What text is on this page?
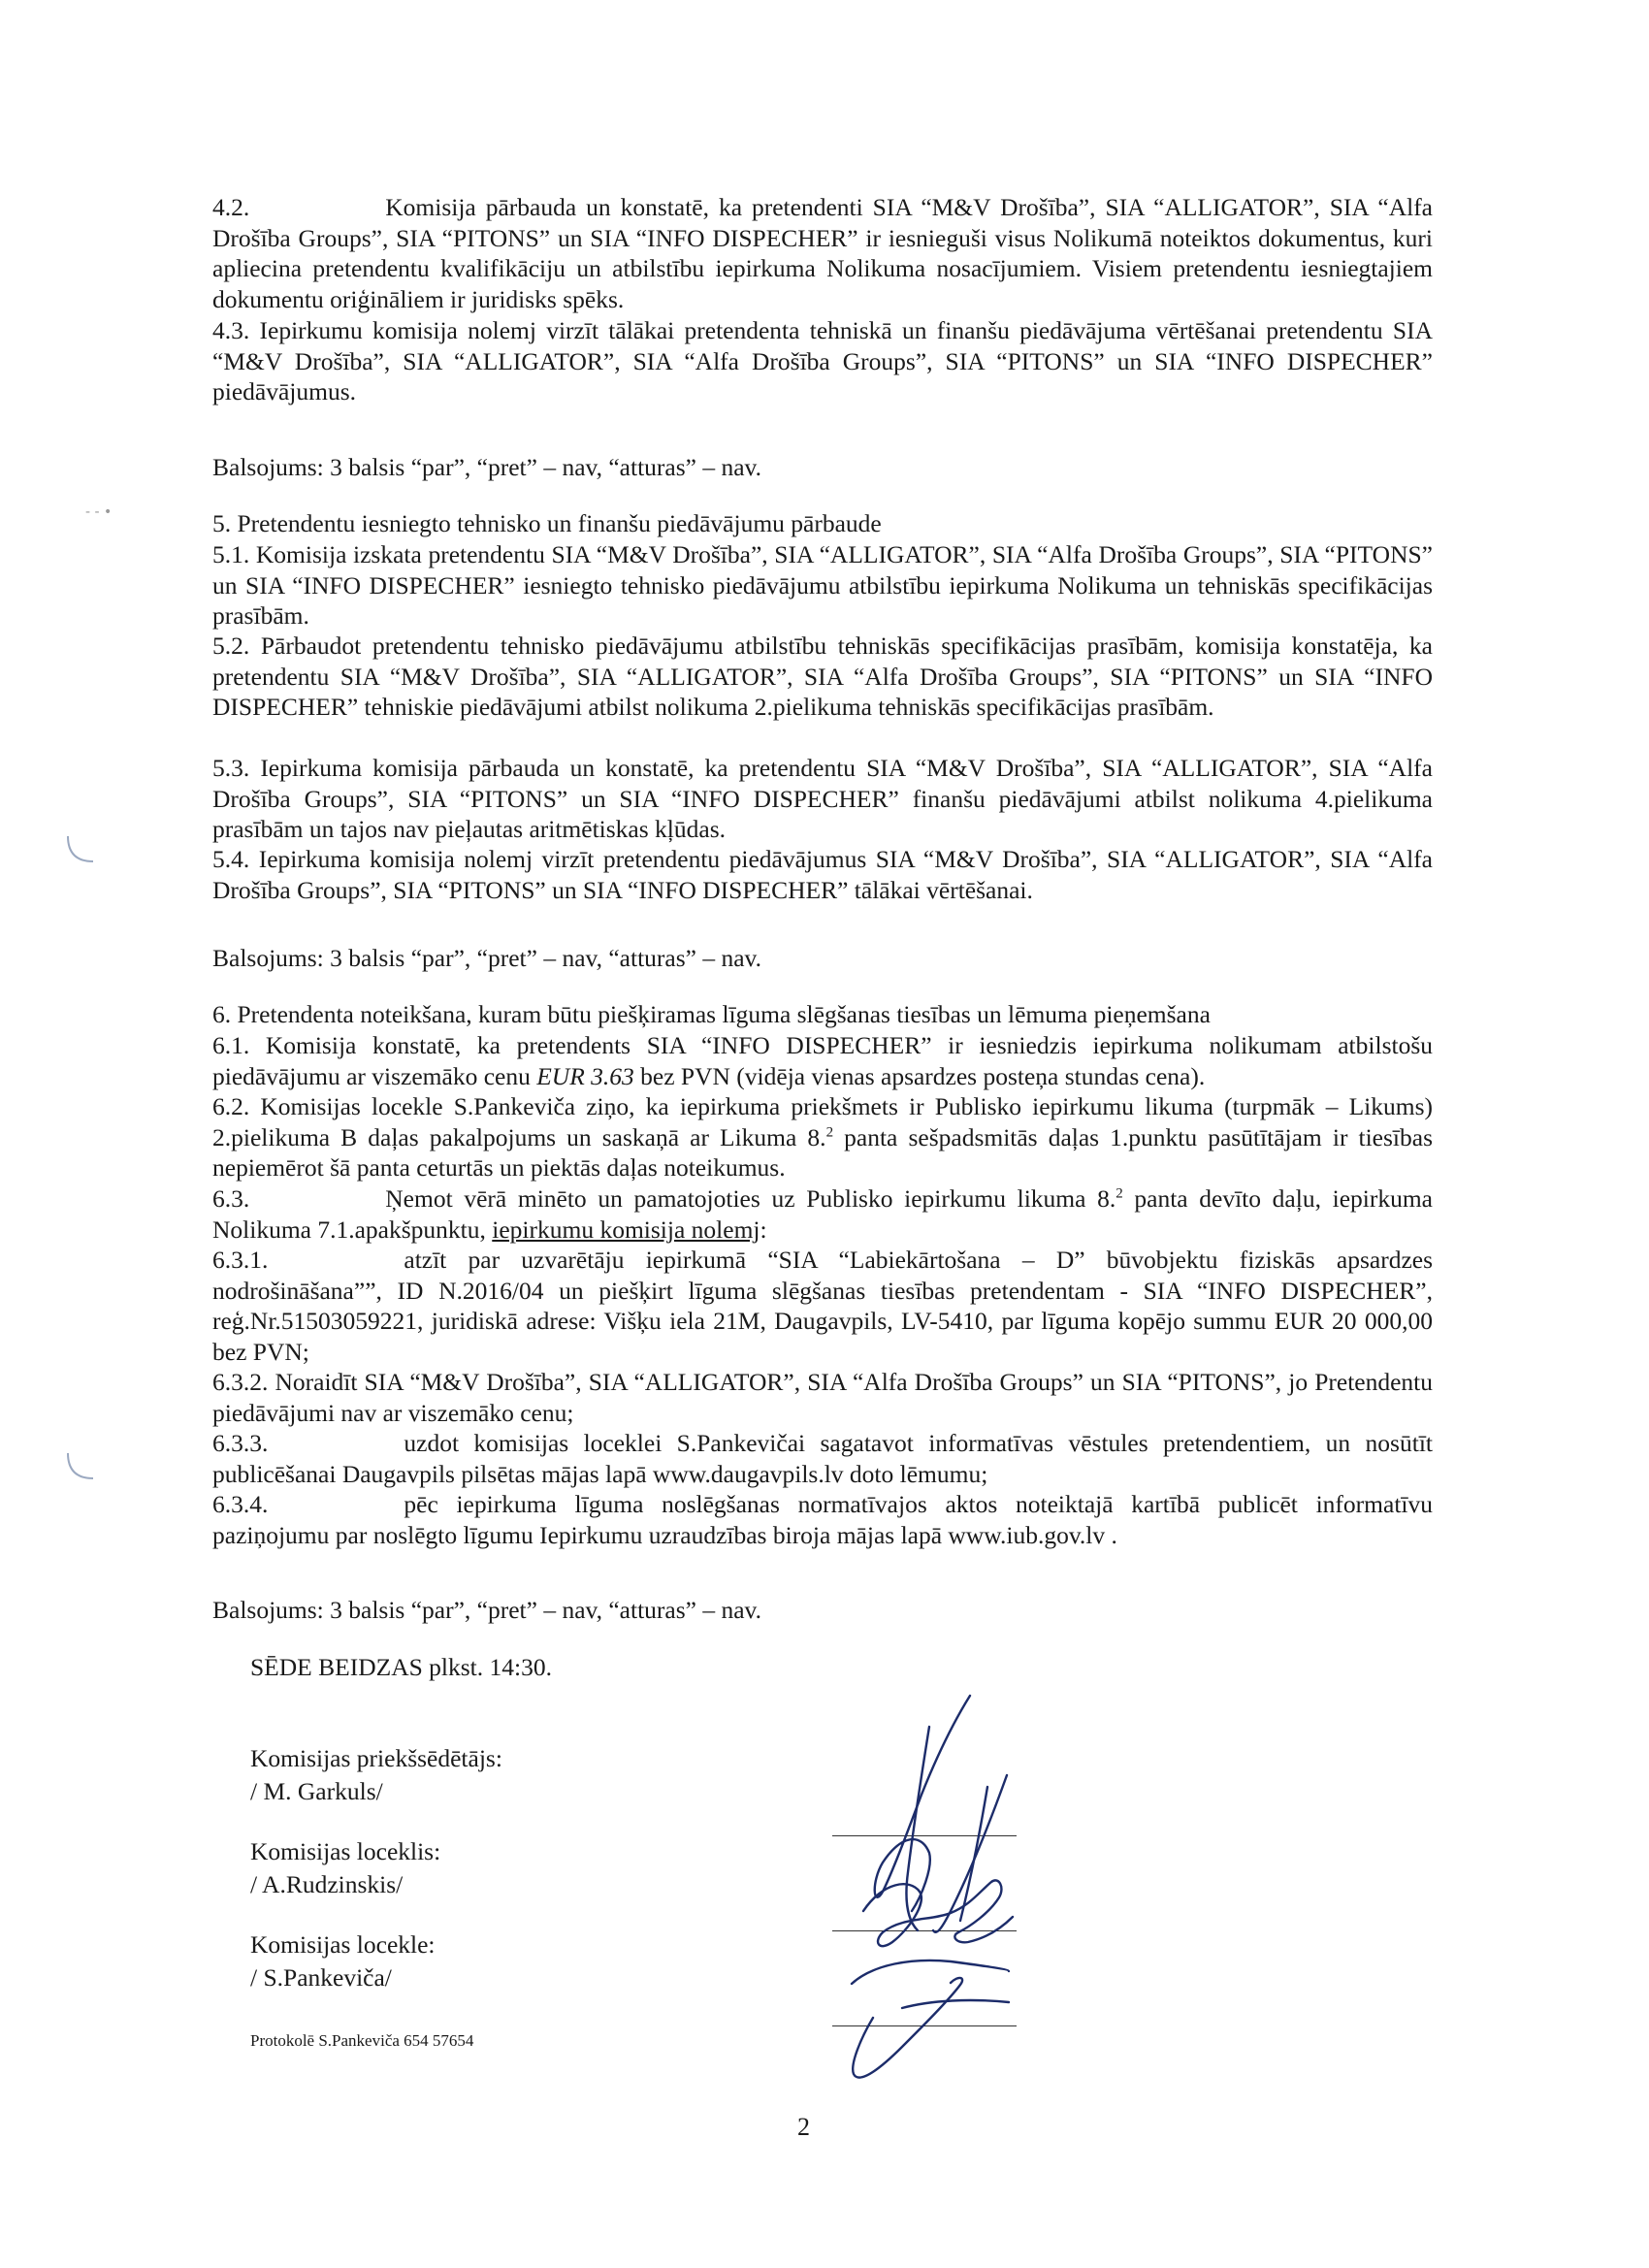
- - •

4.2.	Komisija pārbauda un konstatē, ka pretendenti SIA “M&V Drošība”, SIA “ALLIGATOR”, SIA “Alfa Drošība Groups”, SIA “PITONS” un SIA “INFO DISPECHER” ir iesnieguši visus Nolikumā noteiktos dokumentus, kuri apliecina pretendentu kvalifikāciju un atbilstību iepirkuma Nolikuma nosacījumiem. Visiem pretendentu iesniegtajiem dokumentu oriģināliem ir juridisks spēks.

4.3. Iepirkumu komisija nolemj virzīt tālākai pretendenta tehniskā un finanšu piedāvājuma vērtēšanai pretendentu SIA “M&V Drošība”, SIA “ALLIGATOR”, SIA “Alfa Drošība Groups”, SIA “PITONS” un SIA “INFO DISPECHER” piedāvājumus.

Balsojums: 3 balsis “par”, “pret” – nav, “atturas” – nav.
5. Pretendentu iesniegto tehnisko un finanšu piedāvājumu pārbaude

5.1. Komisija izskata pretendentu SIA “M&V Drošība”, SIA “ALLIGATOR”, SIA “Alfa Drošība Groups”, SIA “PITONS” un SIA “INFO DISPECHER” iesniegto tehnisko piedāvājumu atbilstību iepirkuma Nolikuma un tehniskās specifikācijas prasībām.

5.2. Pārbaudot pretendentu tehnisko piedāvājumu atbilstību tehniskās specifikācijas prasībām, komisija konstatēja, ka pretendentu SIA “M&V Drošība”, SIA “ALLIGATOR”, SIA “Alfa Drošība Groups”, SIA “PITONS” un SIA “INFO DISPECHER” tehniskie piedāvājumi atbilst nolikuma 2.pielikuma tehniskās specifikācijas prasībām.

5.3. Iepirkuma komisija pārbauda un konstatē, ka pretendentu SIA “M&V Drošība”, SIA “ALLIGATOR”, SIA “Alfa Drošība Groups”, SIA “PITONS” un SIA “INFO DISPECHER” finanšu piedāvājumi atbilst nolikuma 4.pielikuma prasībām un tajos nav pieļautas aritmētiskas kļūdas.

5.4. Iepirkuma komisija nolemj virzīt pretendentu piedāvājumus SIA “M&V Drošība”, SIA “ALLIGATOR”, SIA “Alfa Drošība Groups”, SIA “PITONS” un SIA “INFO DISPECHER” tālākai vērtēšanai.

Balsojums: 3 balsis “par”, “pret” – nav, “atturas” – nav.
6. Pretendenta noteikšana, kuram būtu piešķiramas līguma slēgšanas tiesības un lēmuma pieņemšana

6.1. Komisija konstatē, ka pretendents SIA “INFO DISPECHER” ir iesniedzis iepirkuma nolikumam atbilstošu piedāvājumu ar viszemāko cenu EUR 3.63 bez PVN (vidēja vienas apsardzes posteņa stundas cena).

6.2. Komisijas locekle S.Pankeviča ziņo, ka iepirkuma priekšmets ir Publisko iepirkumu likuma (turpmāk – Likums) 2.pielikuma B daļas pakalpojums un saskaņā ar Likuma 8.$^2$ panta sešpadsmitās daļas 1.punktu pasūtītājam ir tiesības nepiemērot šā panta ceturtās un piektās daļas noteikumus.

6.3.	Ņemot vērā minēto un pamatojoties uz Publisko iepirkumu likuma 8.$^2$ panta devīto daļu, iepirkuma Nolikuma 7.1.apakšpunktu, iepirkumu komisija nolemj:

6.3.1.	atzīt par uzvarētāju iepirkumā “SIA “Labiekārtošana – D” būvobjektu fiziskās apsardzes nodrošināšana””, ID N.2016/04 un piešķirt līguma slēgšanas tiesības pretendentam - SIA “INFO DISPECHER”, reģ.Nr.51503059221, juridiskā adrese: Višķu iela 21M, Daugavpils, LV-5410, par līguma kopējo summu EUR 20 000,00 bez PVN;

6.3.2. Noraidīt SIA “M&V Drošība”, SIA “ALLIGATOR”, SIA “Alfa Drošība Groups” un SIA “PITONS”, jo Pretendentu piedāvājumi nav ar viszemāko cenu;

6.3.3.	uzdot komisijas loceklei S.Pankevičai sagatavot informatīvas vēstules pretendentiem, un nosūtīt publicēšanai Daugavpils pilsētas mājas lapā www.daugavpils.lv doto lēmumu;

6.3.4.	pēc iepirkuma līguma noslēgšanas normatīvajos aktos noteiktajā kartībā publicēt informatīvu paziņojumu par noslēgto līgumu Iepirkumu uzraudzības biroja mājas lapā www.iub.gov.lv .

Balsojums: 3 balsis “par”, “pret” – nav, “atturas” – nav.
SĒDE BEIDZAS plkst. 14:30.
Komisijas priekšsēdētājs:
/ M. Garkuls/
Komisijas loceklis:
/ A.Rudzinskis/
Komisijas locekle:
/ S.Pankeviča/
Protokolē S.Pankeviča 654 57654
2
